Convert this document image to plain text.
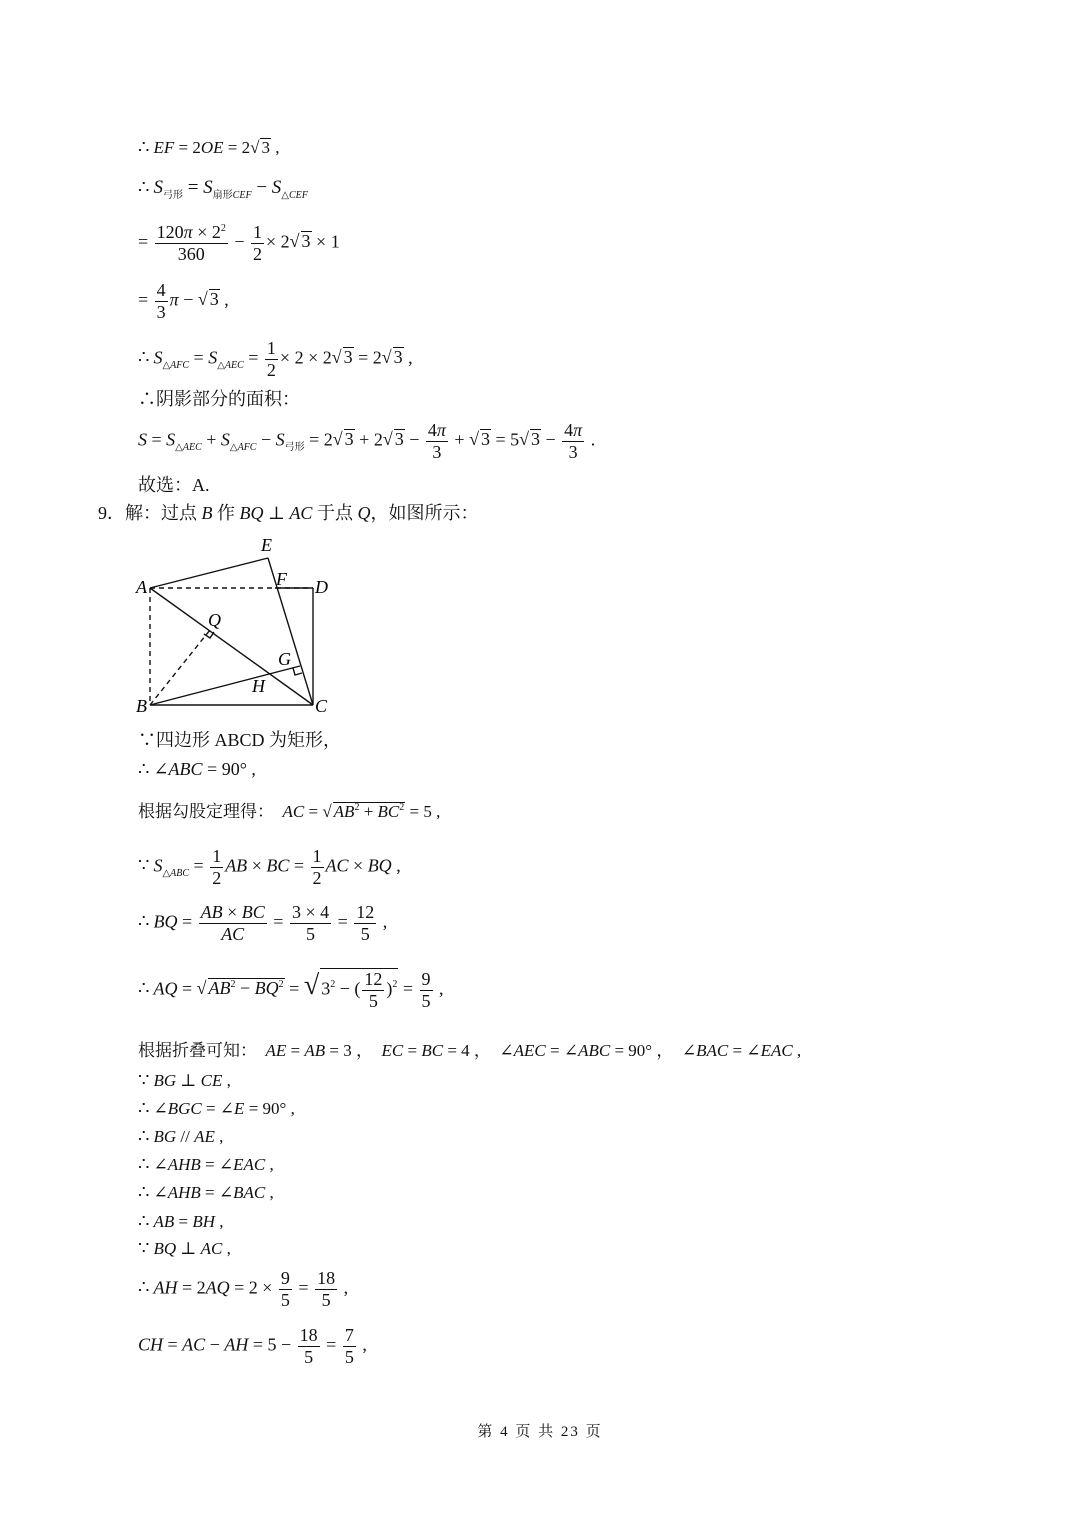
∴ EF = 2OE = 2√ 3 ,
∴ $S_{弓形} = S_{扇形CEF} - S_{\triangle CEF}$
= $\frac{120\pi \times 2^2}{360} - \frac{1}{2} \times 2√$ 3 × 1
= $\frac{4}{3}$ π − √ 3 ,
∴ $S_{\triangle AFC} = S_{\triangle AEC} = \frac{1}{2} \times 2 \times 2√$ 3 = 2√ 3 ,
∴阴影部分的面积：
$S = S_{\triangle AEC} + S_{\triangle AFC} - S_{弓形} = 2√$ 3 + 2√ $3 - \frac{4\pi}{3}$ + √ 3 = 5√ $3 - \frac{4\pi}{3}$ .
故选：A.
9．解：过点 B 作 BQ ⊥ AC 于点 Q，如图所示：
A
B	C
D
E
F
G
H
Q
∵四边形 ABCD 为矩形，
∴ ∠ABC = 90° ,
根据勾股定理得： AC = √ $AB^2 + BC^2 = 5$ ,
∵ $S_{\triangle ABC} = \frac{1}{2}$ AB × BC = $\frac{1}{2}$ AC × BQ ,
∴ BQ = $\frac{AB \times BC}{AC} = \frac{3 \times 4}{5} = \frac{12}{5}$ ,
∴ AQ = √ $AB^2 - BQ^2$ = √ $3^2$ − ( $\frac{12}{5} )^2 = \frac{9}{5}$ ,
根据折叠可知： AE = AB = 3 ，  EC = BC = 4 ，  ∠AEC = ∠ABC = 90° ，  ∠BAC = ∠EAC ,
∵ BG ⊥ CE ,
∴ ∠BGC = ∠E = 90° ,
∴ BG // AE ,
∴ ∠AHB = ∠EAC ,
∴ ∠AHB = ∠BAC ,
∴ AB = BH ,
∵ BQ ⊥ AC ,
∴ AH = $2AQ = 2 \times \frac{9}{5} = \frac{18}{5}$ ,
CH = AC − AH = $5 - \frac{18}{5} = \frac{7}{5}$ ,
第 4 页 共 23 页
